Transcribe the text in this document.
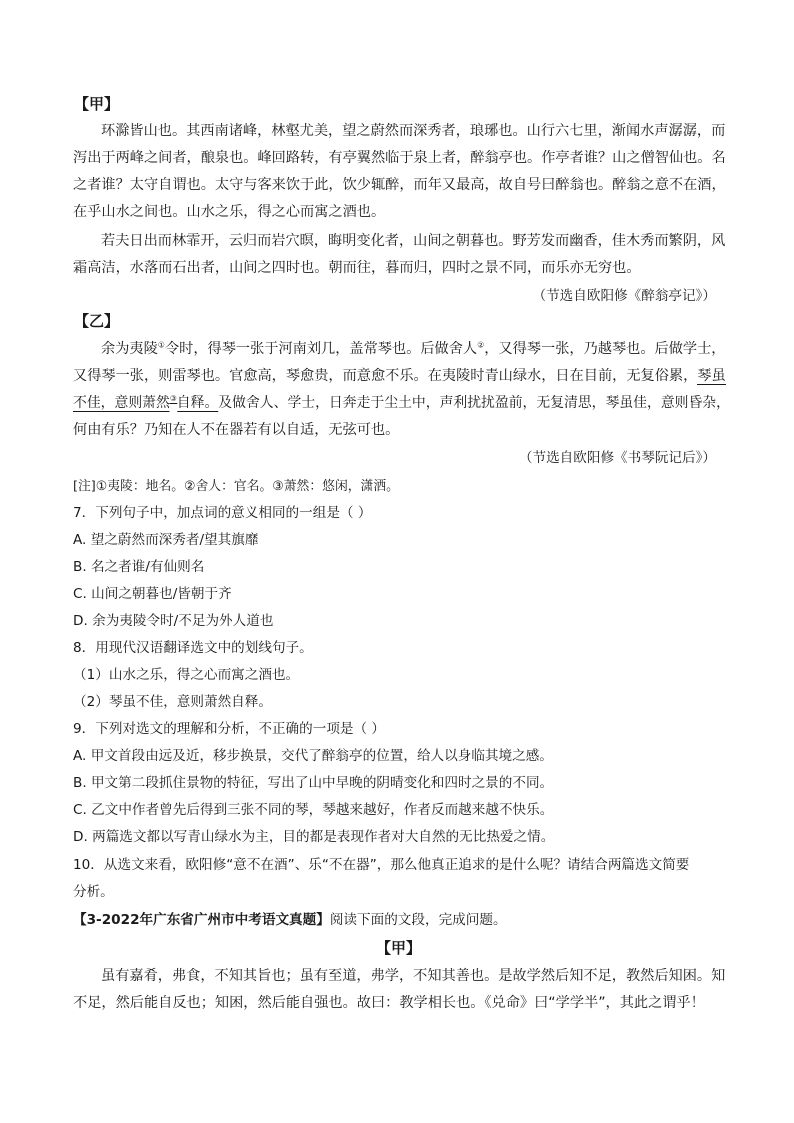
【甲】
环滁皆山也。其西南诸峰，林壑尤美，望之蔚然而深秀者，琅琊也。山行六七里，渐闻水声潺潺，而
泻出于两峰之间者，酿泉也。峰回路转，有亭翼然临于泉上者，醉翁亭也。作亭者谁？山之僧智仙也。名
之者谁？太守自谓也。太守与客来饮于此，饮少辄醉，而年又最高，故自号曰醉翁也。醉翁之意不在酒，
在乎山水之间也。山水之乐，得之心而寓之酒也。
若夫日出而林霏开，云归而岩穴暝，晦明变化者，山间之朝暮也。野芳发而幽香，佳木秀而繁阴，风
霜高洁，水落而石出者，山间之四时也。朝而往，暮而归，四时之景不同，而乐亦无穷也。
（节选自欧阳修《醉翁亭记》）
【乙】
余为夷陵①令时，得琴一张于河南刘几，盖常琴也。后做舍人②，又得琴一张，乃越琴也。后做学士，
又得琴一张，则雷琴也。官愈高，琴愈贵，而意愈不乐。在夷陵时青山绿水，日在目前，无复俗累，琴虽
不佳，意则萧然③自释。及做舍人、学士，日奔走于尘土中，声利扰扰盈前，无复清思，琴虽佳，意则昏杂，
何由有乐？乃知在人不在器若有以自适，无弦可也。
（节选自欧阳修《书琴阮记后》）
[注]①夷陵：地名。②舍人：官名。③萧然：悠闲，潇洒。
7．下列句子中，加点词的意义相同的一组是（ ）
A. 望之蔚然而深秀者/望其旗靡
B. 名之者谁/有仙则名
C. 山间之朝暮也/皆朝于齐
D. 余为夷陵令时/不足为外人道也
8．用现代汉语翻译选文中的划线句子。
（1）山水之乐，得之心而寓之酒也。
（2）琴虽不佳，意则萧然自释。
9．下列对选文的理解和分析，不正确的一项是（ ）
A. 甲文首段由远及近，移步换景，交代了醉翁亭的位置，给人以身临其境之感。
B. 甲文第二段抓住景物的特征，写出了山中早晚的阴晴变化和四时之景的不同。
C. 乙文中作者曾先后得到三张不同的琴，琴越来越好，作者反而越来越不快乐。
D. 两篇选文都以写青山绿水为主，目的都是表现作者对大自然的无比热爱之情。
10．从选文来看，欧阳修“意不在酒”、乐“不在器”，那么他真正追求的是什么呢？请结合两篇选文简要
分析。
【3-2022年广东省广州市中考语文真题】阅读下面的文段，完成问题。
【甲】
虽有嘉肴，弗食，不知其旨也；虽有至道，弗学，不知其善也。是故学然后知不足，教然后知困。知
不足，然后能自反也；知困，然后能自强也。故曰：教学相长也。《兑命》曰“学学半”，其此之谓乎！
